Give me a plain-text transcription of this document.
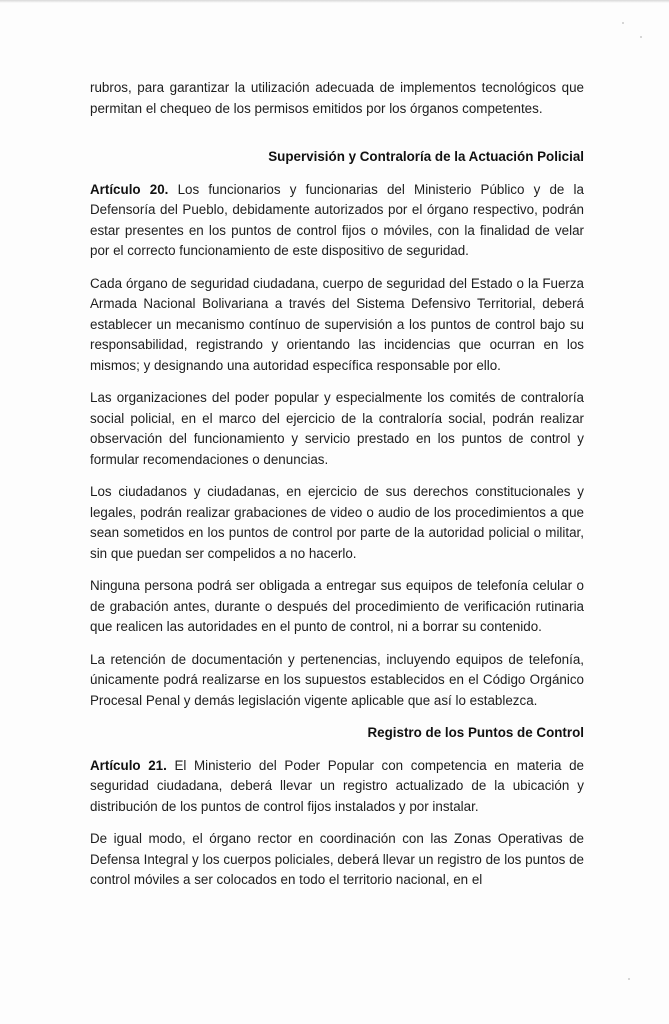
rubros, para garantizar la utilización adecuada de implementos tecnológicos que permitan el chequeo de los permisos emitidos por los órganos competentes.

Supervisión y Contraloría de la Actuación Policial

Artículo 20. Los funcionarios y funcionarias del Ministerio Público y de la Defensoría del Pueblo, debidamente autorizados por el órgano respectivo, podrán estar presentes en los puntos de control fijos o móviles, con la finalidad de velar por el correcto funcionamiento de este dispositivo de seguridad.

Cada órgano de seguridad ciudadana, cuerpo de seguridad del Estado o la Fuerza Armada Nacional Bolivariana a través del Sistema Defensivo Territorial, deberá establecer un mecanismo contínuo de supervisión a los puntos de control bajo su responsabilidad, registrando y orientando las incidencias que ocurran en los mismos; y designando una autoridad específica responsable por ello.

Las organizaciones del poder popular y especialmente los comités de contraloría social policial, en el marco del ejercicio de la contraloría social, podrán realizar observación del funcionamiento y servicio prestado en los puntos de control y formular recomendaciones o denuncias.

Los ciudadanos y ciudadanas, en ejercicio de sus derechos constitucionales y legales, podrán realizar grabaciones de video o audio de los procedimientos a que sean sometidos en los puntos de control por parte de la autoridad policial o militar, sin que puedan ser compelidos a no hacerlo.

Ninguna persona podrá ser obligada a entregar sus equipos de telefonía celular o de grabación antes, durante o después del procedimiento de verificación rutinaria que realicen las autoridades en el punto de control, ni a borrar su contenido.

La retención de documentación y pertenencias, incluyendo equipos de telefonía, únicamente podrá realizarse en los supuestos establecidos en el Código Orgánico Procesal Penal y demás legislación vigente aplicable que así lo establezca.

Registro de los Puntos de Control

Artículo 21. El Ministerio del Poder Popular con competencia en materia de seguridad ciudadana, deberá llevar un registro actualizado de la ubicación y distribución de los puntos de control fijos instalados y por instalar.

De igual modo, el órgano rector en coordinación con las Zonas Operativas de Defensa Integral y los cuerpos policiales, deberá llevar un registro de los puntos de control móviles a ser colocados en todo el territorio nacional, en el
